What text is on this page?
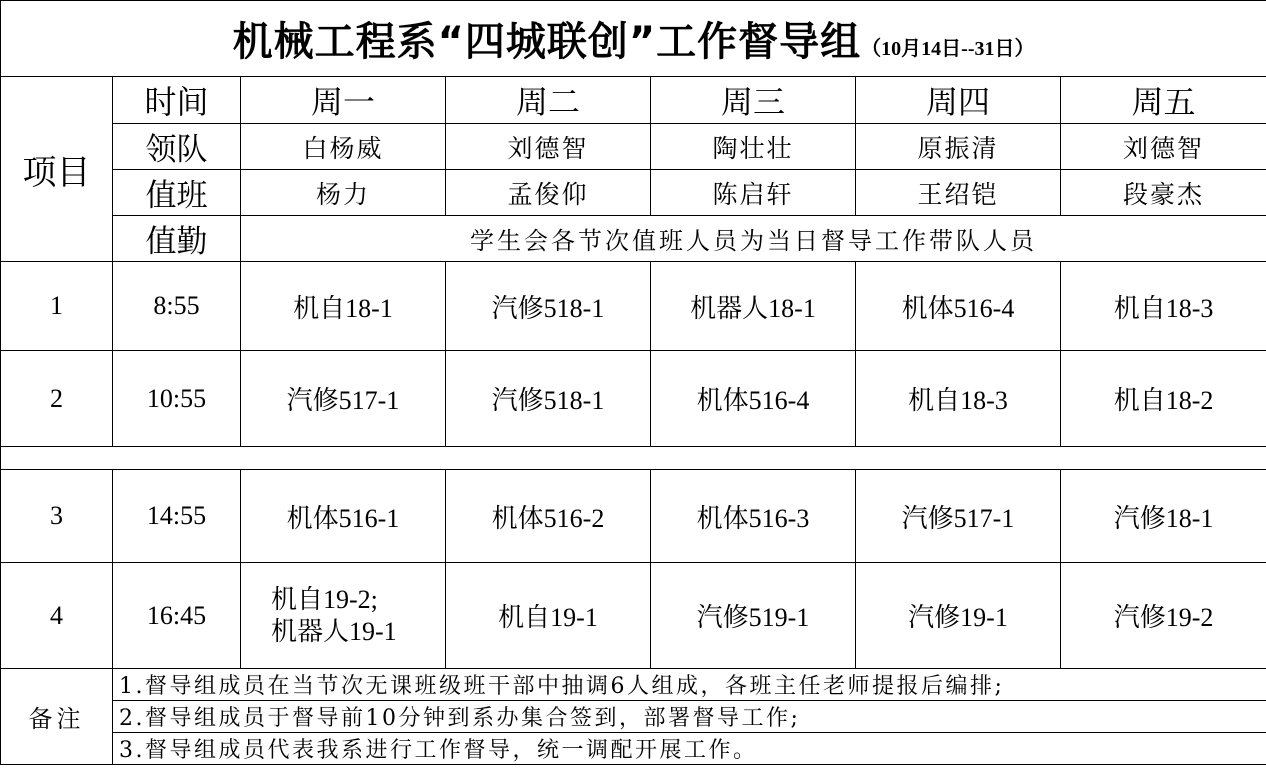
机械工程系“四城联创”工作督导组（10月14日--31日）						
项目	时间	周一	周二	周三	周四	周五
	领队	白杨威	刘德智	陶壮壮	原振清	刘德智
	值班	杨力	孟俊仰	陈启轩	王绍铠	段豪杰
	值勤	学生会各节次值班人员为当日督导工作带队人员				
1	8:55	机自18-1	汽修518-1	机器人18-1	机体516-4	机自18-3
2	10:55	汽修517-1	汽修518-1	机体516-4	机自18-3	机自18-2

3	14:55	机体516-1	机体516-2	机体516-3	汽修517-1	汽修18-1
4	16:45	机自19-2;
机器人19-1	机自19-1	汽修519-1	汽修19-1	汽修19-2
备注	1.督导组成员在当节次无课班级班干部中抽调6人组成，各班主任老师提报后编排;					
	2.督导组成员于督导前10分钟到系办集合签到，部署督导工作;					
	3.督导组成员代表我系进行工作督导，统一调配开展工作。					
